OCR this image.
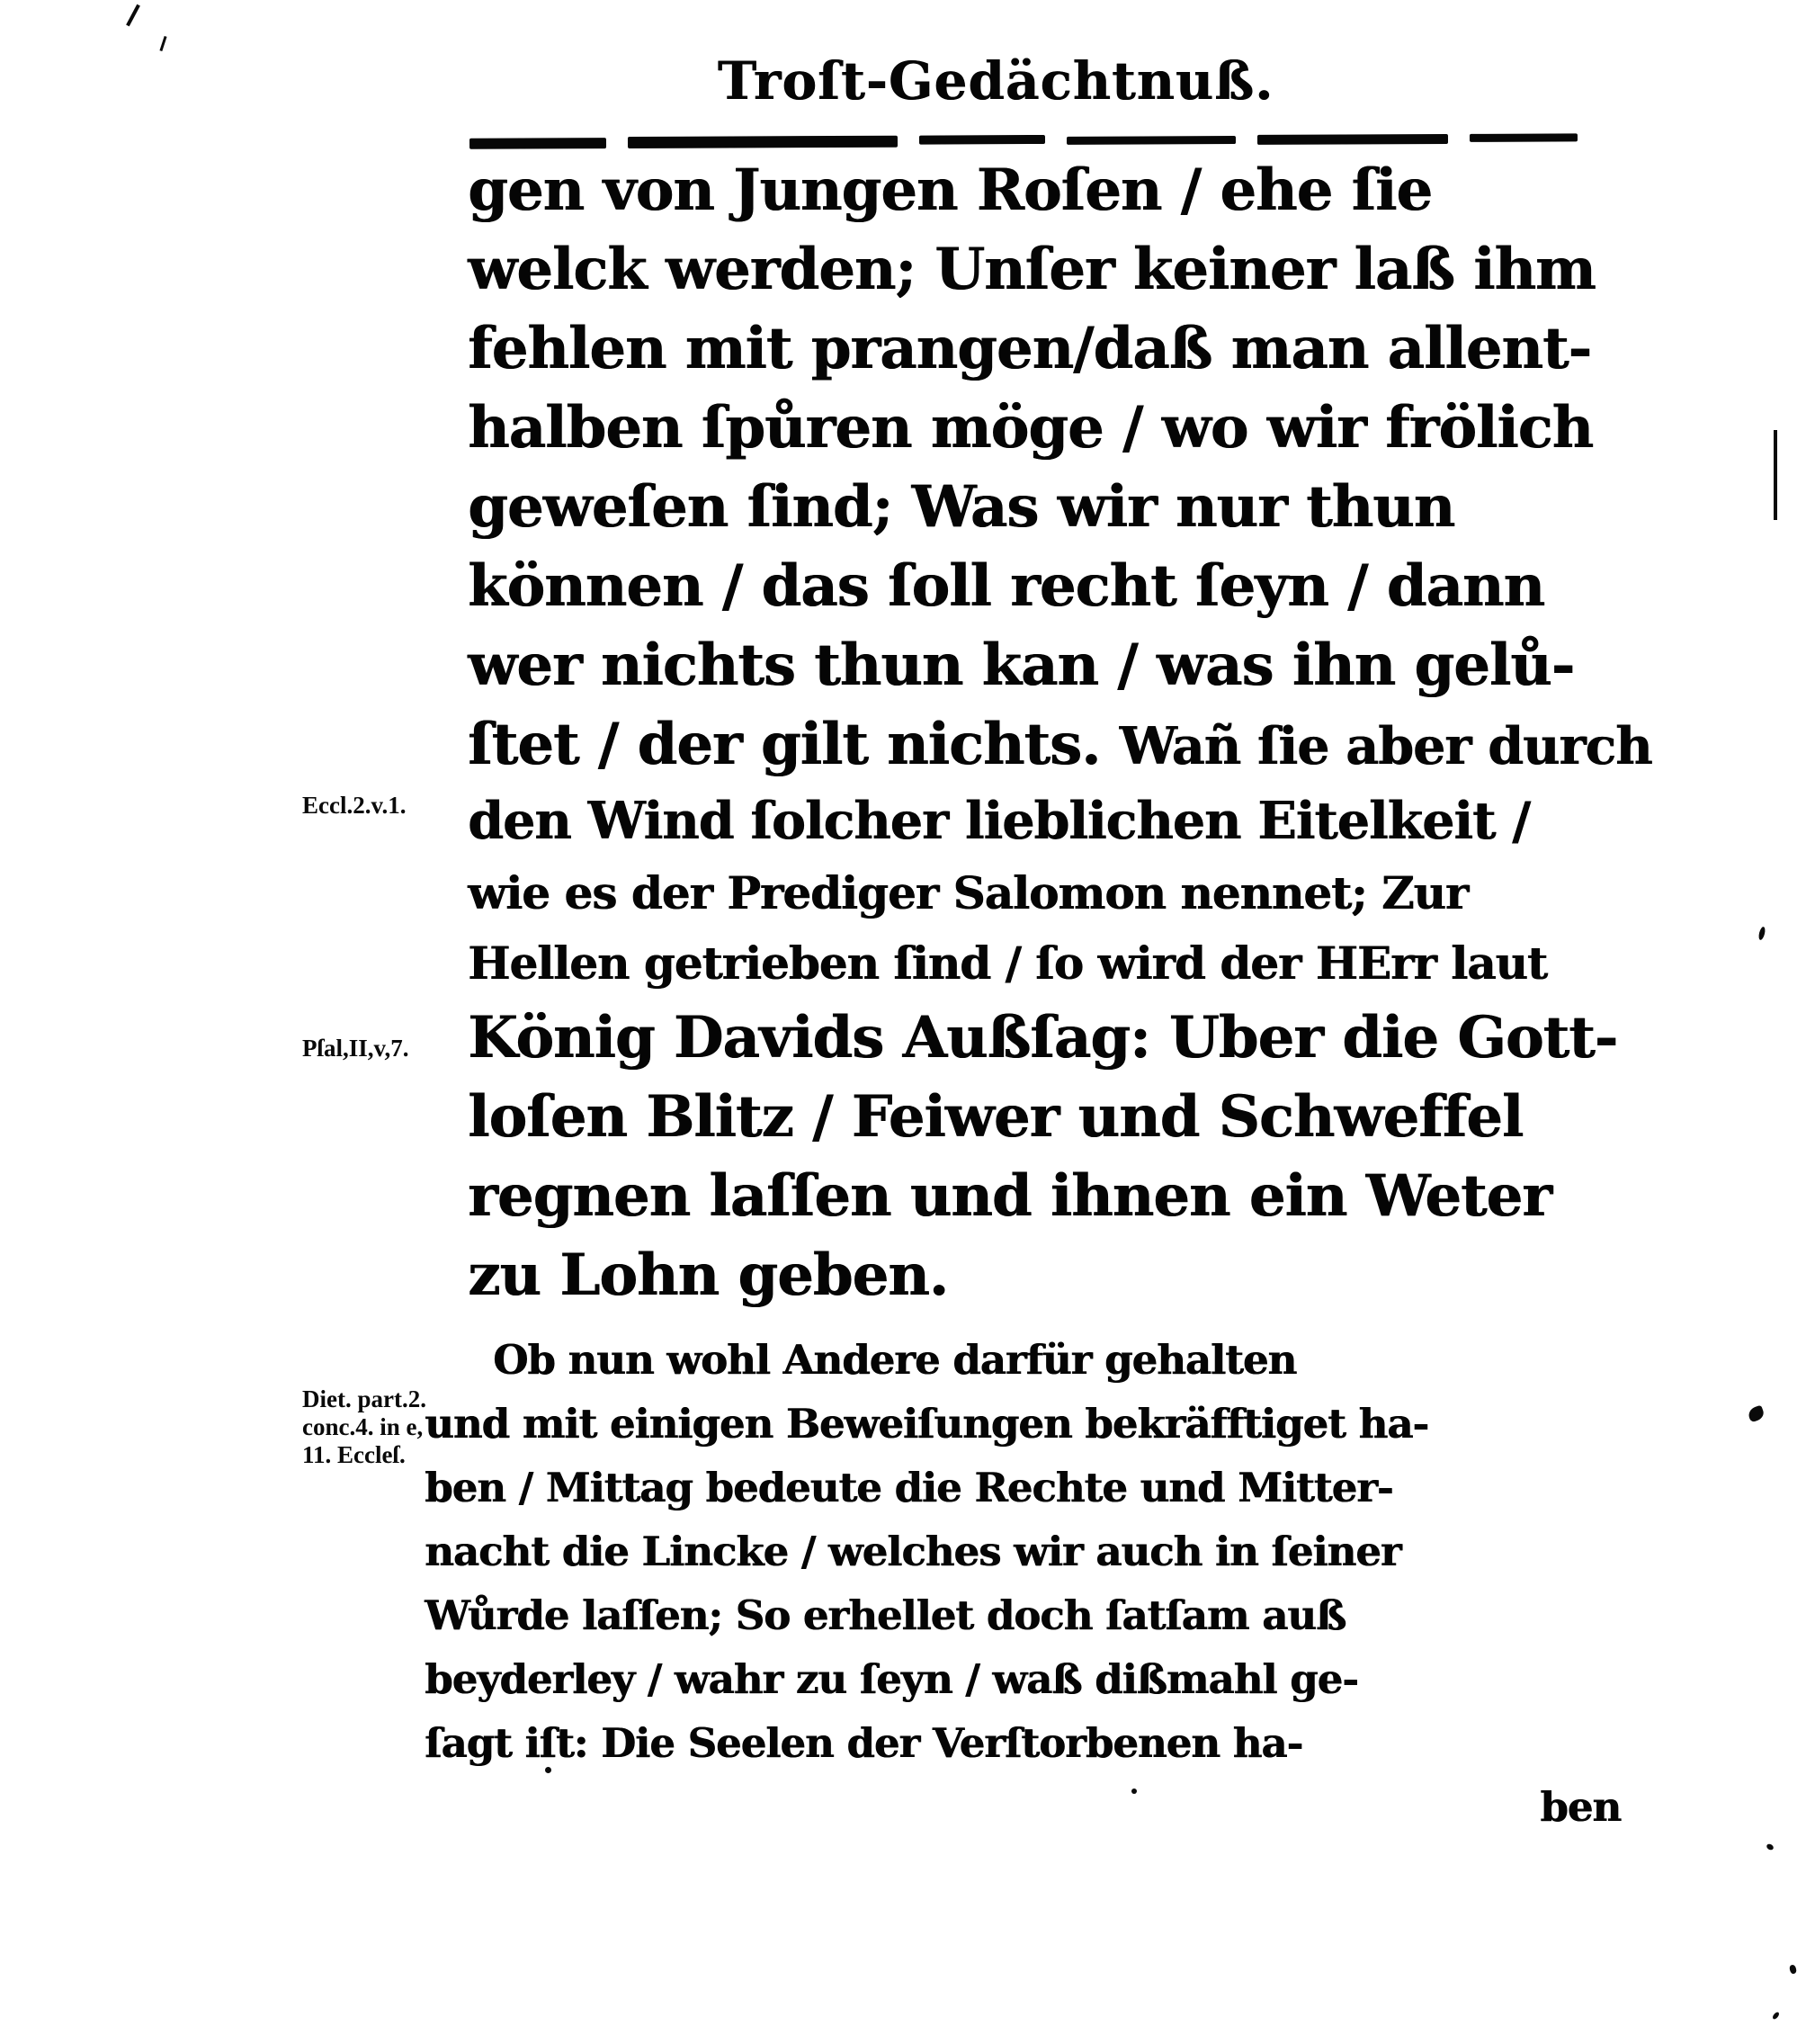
Troſt-Gedächtnuß.
gen von Jungen Roſen / ehe ſie
welck werden; Unſer keiner laß ihm
fehlen mit prangen/daß man allent-
halben ſpůren möge / wo wir frölich
geweſen ſind; Was wir nur thun
können / das ſoll recht ſeyn / dann
wer nichts thun kan / was ihn gelů-
ſtet / der gilt nichts. Wañ ſie aber durch
den Wind ſolcher lieblichen Eitelkeit /
wie es der Prediger Salomon nennet; Zur
Hellen getrieben ſind / ſo wird der HErr laut
König Davids Außſag: Uber die Gott-
loſen Blitz / Feiwer und Schweffel
regnen laſſen und ihnen ein Weter
zu Lohn geben.
Ob nun wohl Andere darfür gehalten
und mit einigen Beweiſungen bekräfftiget ha-
ben / Mittag bedeute die Rechte und Mitter-
nacht die Lincke / welches wir auch in ſeiner
Wůrde laſſen; So erhellet doch ſatſam auß
beyderley / wahr zu ſeyn / waß dißmahl ge-
ſagt iſt: Die Seelen der Verſtorbenen ha-
ben
Eccl.2.v.1.
Pſal,II,v,7.
Diet. part.2.
conc.4. in e,
11. Eccleſ.
